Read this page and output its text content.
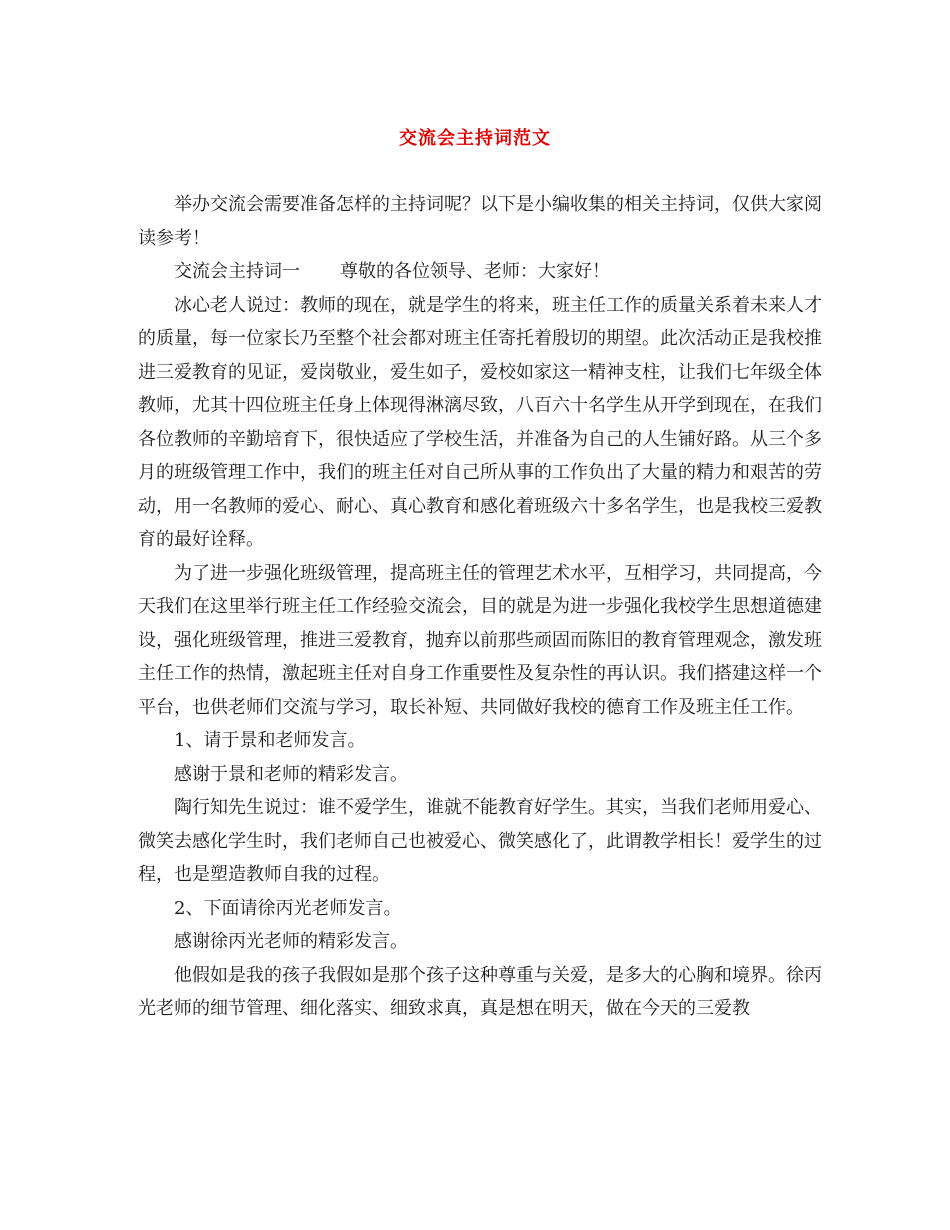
交流会主持词范文

举办交流会需要准备怎样的主持词呢？以下是小编收集的相关主持词，仅供大家阅读参考！

交流会主持词一 尊敬的各位领导、老师：大家好！

冰心老人说过：教师的现在，就是学生的将来，班主任工作的质量关系着未来人才的质量，每一位家长乃至整个社会都对班主任寄托着殷切的期望。此次活动正是我校推进三爱教育的见证，爱岗敬业，爱生如子，爱校如家这一精神支柱，让我们七年级全体教师，尤其十四位班主任身上体现得淋漓尽致，八百六十名学生从开学到现在，在我们各位教师的辛勤培育下，很快适应了学校生活，并准备为自己的人生铺好路。从三个多月的班级管理工作中，我们的班主任对自己所从事的工作负出了大量的精力和艰苦的劳动，用一名教师的爱心、耐心、真心教育和感化着班级六十多名学生，也是我校三爱教育的最好诠释。

为了进一步强化班级管理，提高班主任的管理艺术水平，互相学习，共同提高，今天我们在这里举行班主任工作经验交流会，目的就是为进一步强化我校学生思想道德建设，强化班级管理，推进三爱教育，抛弃以前那些顽固而陈旧的教育管理观念，激发班主任工作的热情，激起班主任对自身工作重要性及复杂性的再认识。我们搭建这样一个平台，也供老师们交流与学习，取长补短、共同做好我校的德育工作及班主任工作。

1、请于景和老师发言。

感谢于景和老师的精彩发言。

陶行知先生说过：谁不爱学生，谁就不能教育好学生。其实，当我们老师用爱心、微笑去感化学生时，我们老师自己也被爱心、微笑感化了，此谓教学相长！爱学生的过程，也是塑造教师自我的过程。

2、下面请徐丙光老师发言。

感谢徐丙光老师的精彩发言。

他假如是我的孩子我假如是那个孩子这种尊重与关爱，是多大的心胸和境界。徐丙光老师的细节管理、细化落实、细致求真，真是想在明天，做在今天的三爱教
